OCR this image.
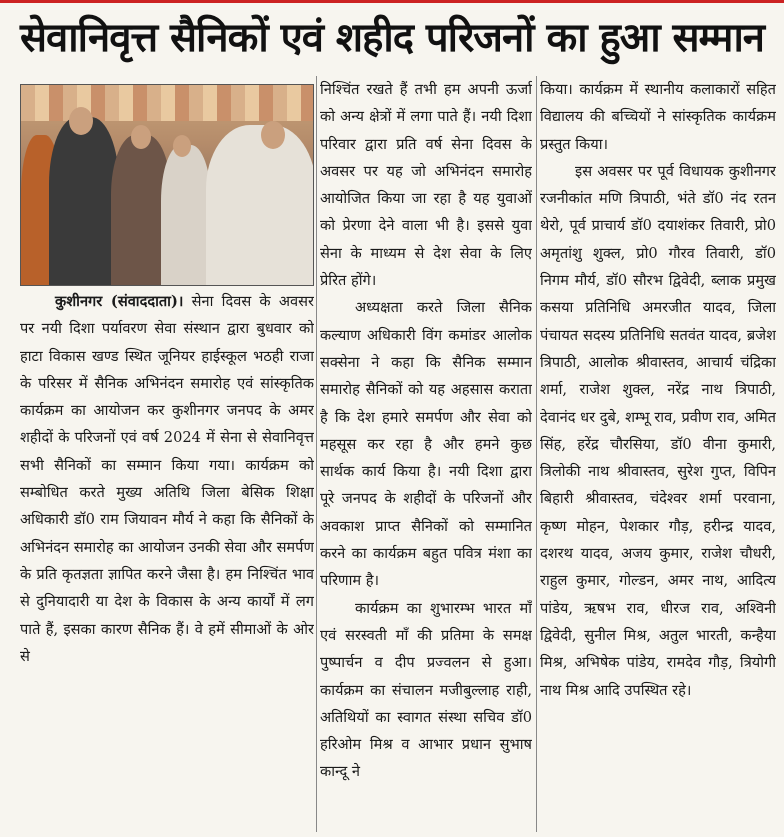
सेवानिवृत्त सैनिकों एवं शहीद परिजनों का हुआ सम्मान

कुशीनगर (संवाददाता)। सेना दिवस के अवसर पर नयी दिशा पर्यावरण सेवा संस्थान द्वारा बुधवार को हाटा विकास खण्ड स्थित जूनियर हाईस्कूल भठही राजा के परिसर में सैनिक अभिनंदन समारोह एवं सांस्कृतिक कार्यक्रम का आयोजन कर कुशीनगर जनपद के अमर शहीदों के परिजनों एवं वर्ष 2024 में सेना से सेवानिवृत्त सभी सैनिकों का सम्मान किया गया। कार्यक्रम को सम्बोधित करते मुख्य अतिथि जिला बेसिक शिक्षा अधिकारी डॉ0 राम जियावन मौर्य ने कहा कि सैनिकों के अभिनंदन समारोह का आयोजन उनकी सेवा और समर्पण के प्रति कृतज्ञता ज्ञापित करने जैसा है। हम निश्चिंत भाव से दुनियादारी या देश के विकास के अन्य कार्यों में लग पाते हैं, इसका कारण सैनिक हैं। वे हमें सीमाओं के ओर से

निश्चिंत रखते हैं तभी हम अपनी ऊर्जा को अन्य क्षेत्रों में लगा पाते हैं। नयी दिशा परिवार द्वारा प्रति वर्ष सेना दिवस के अवसर पर यह जो अभिनंदन समारोह आयोजित किया जा रहा है यह युवाओं को प्रेरणा देने वाला भी है। इससे युवा सेना के माध्यम से देश सेवा के लिए प्रेरित होंगे।

अध्यक्षता करते जिला सैनिक कल्याण अधिकारी विंग कमांडर आलोक सक्सेना ने कहा कि सैनिक सम्मान समारोह सैनिकों को यह अहसास कराता है कि देश हमारे समर्पण और सेवा को महसूस कर रहा है और हमने कुछ सार्थक कार्य किया है। नयी दिशा द्वारा पूरे जनपद के शहीदों के परिजनों और अवकाश प्राप्त सैनिकों को सम्मानित करने का कार्यक्रम बहुत पवित्र मंशा का परिणाम है।

कार्यक्रम का शुभारम्भ भारत माँ एवं सरस्वती माँ की प्रतिमा के समक्ष पुष्पार्चन व दीप प्रज्वलन से हुआ। कार्यक्रम का संचालन मजीबुल्लाह राही, अतिथियों का स्वागत संस्था सचिव डॉ0 हरिओम मिश्र व आभार प्रधान सुभाष कान्दू ने

किया। कार्यक्रम में स्थानीय कलाकारों सहित विद्यालय की बच्चियों ने सांस्कृतिक कार्यक्रम प्रस्तुत किया।

इस अवसर पर पूर्व विधायक कुशीनगर रजनीकांत मणि त्रिपाठी, भंते डॉ0 नंद रतन थेरो, पूर्व प्राचार्य डॉ0 दयाशंकर तिवारी, प्रो0 अमृतांशु शुक्ल, प्रो0 गौरव तिवारी, डॉ0 निगम मौर्य, डॉ0 सौरभ द्विवेदी, ब्लाक प्रमुख कसया प्रतिनिधि अमरजीत यादव, जिला पंचायत सदस्य प्रतिनिधि सतवंत यादव, ब्रजेश त्रिपाठी, आलोक श्रीवास्तव, आचार्य चंद्रिका शर्मा, राजेश शुक्ल, नरेंद्र नाथ त्रिपाठी, देवानंद धर दुबे, शम्भू राव, प्रवीण राव, अमित सिंह, हरेंद्र चौरसिया, डॉ0 वीना कुमारी, त्रिलोकी नाथ श्रीवास्तव, सुरेश गुप्त, विपिन बिहारी श्रीवास्तव, चंदेश्वर शर्मा परवाना, कृष्ण मोहन, पेशकार गौड़, हरीन्द्र यादव, दशरथ यादव, अजय कुमार, राजेश चौधरी, राहुल कुमार, गोल्डन, अमर नाथ, आदित्य पांडेय, ऋषभ राव, धीरज राव, अश्विनी द्विवेदी, सुनील मिश्र, अतुल भारती, कन्हैया मिश्र, अभिषेक पांडेय, रामदेव गौड़, त्रियोगी नाथ मिश्र आदि उपस्थित रहे।
